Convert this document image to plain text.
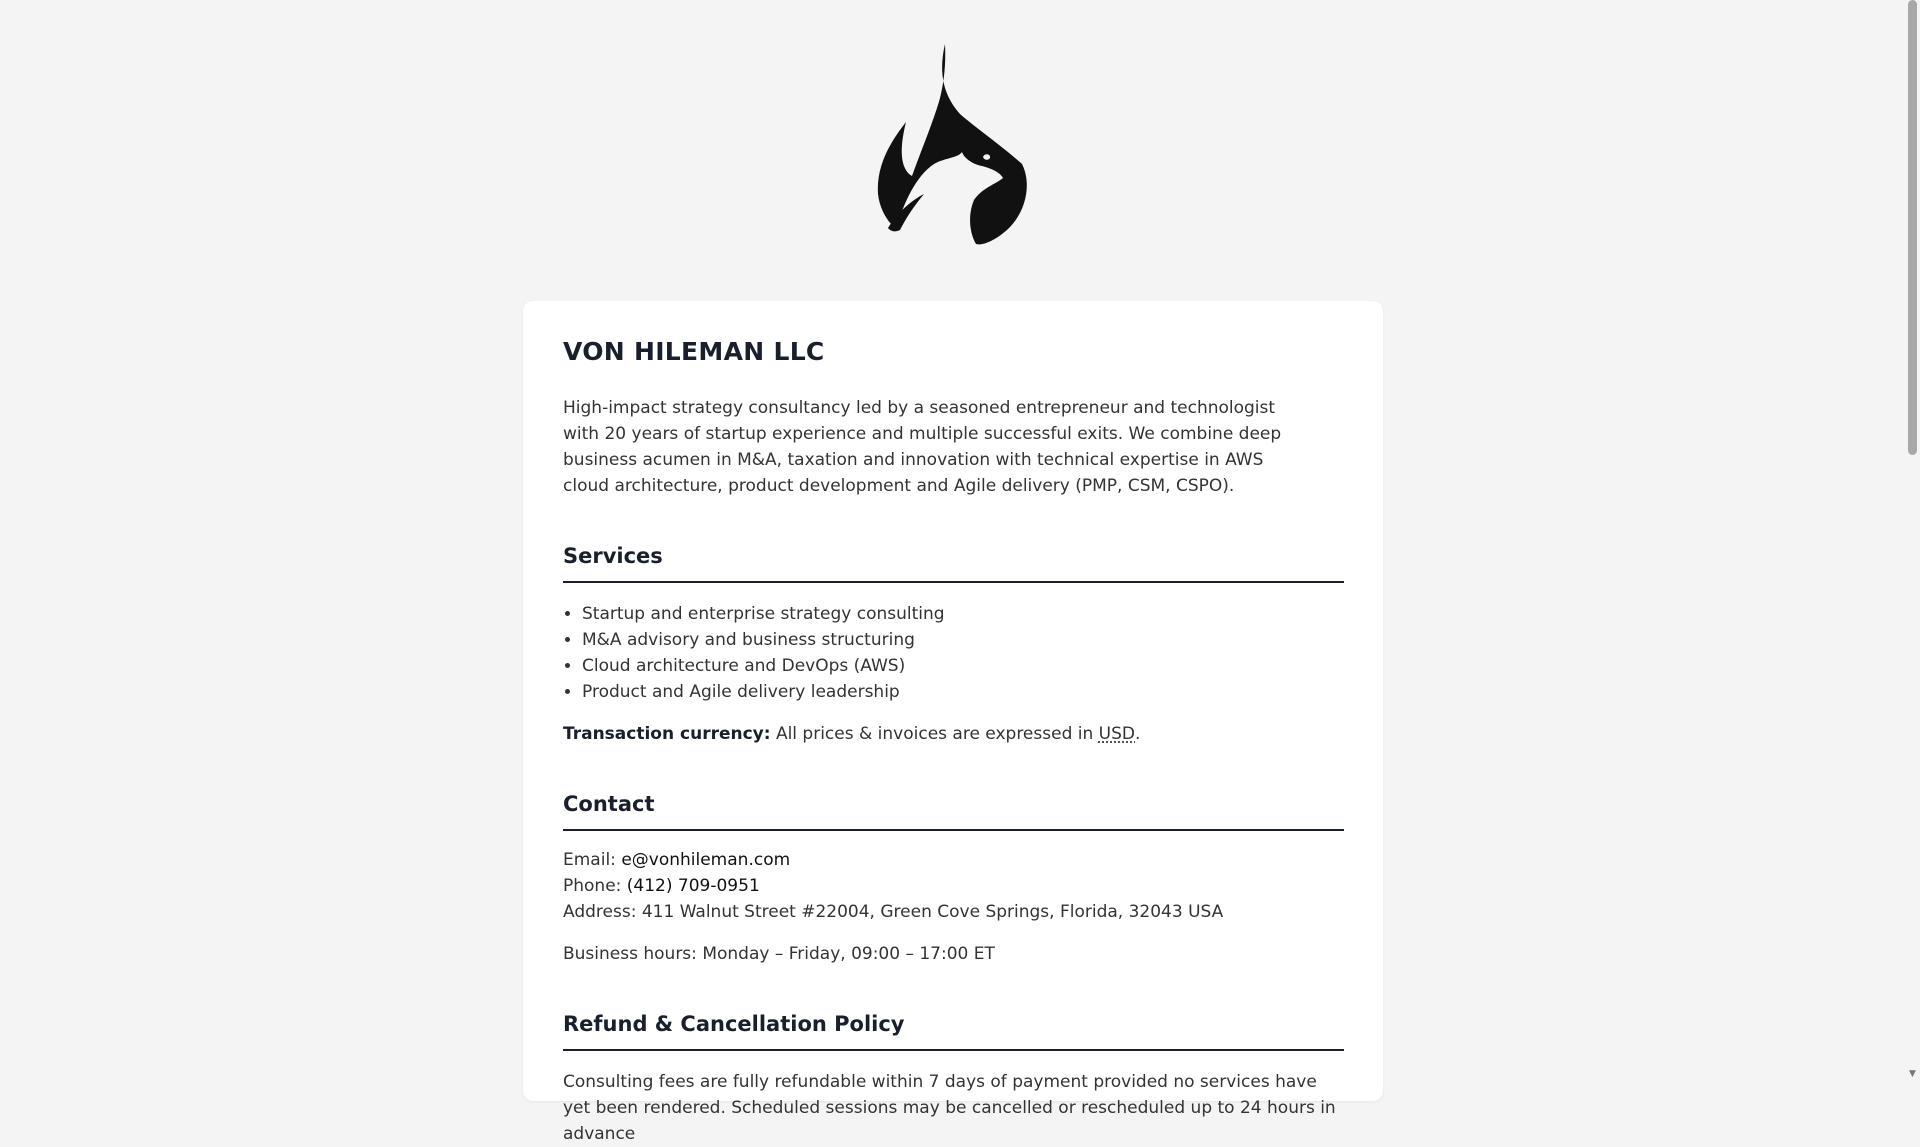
VON HILEMAN LLC

High-impact strategy consultancy led by a seasoned entrepreneur and technologist with 20 years of startup experience and multiple successful exits. We combine deep business acumen in M&A, taxation and innovation with technical expertise in AWS cloud architecture, product development and Agile delivery (PMP, CSM, CSPO).

Services
• Startup and enterprise strategy consulting
• M&A advisory and business structuring
• Cloud architecture and DevOps (AWS)
• Product and Agile delivery leadership

Transaction currency: All prices & invoices are expressed in USD.

Contact
Email: e@vonhileman.com
Phone: (412) 709-0951
Address: 411 Walnut Street #22004, Green Cove Springs, Florida, 32043 USA

Business hours: Monday – Friday, 09:00 – 17:00 ET

Refund & Cancellation Policy

Consulting fees are fully refundable within 7 days of payment provided no services have yet been rendered. Scheduled sessions may be cancelled or rescheduled up to 24 hours in advance

▼
